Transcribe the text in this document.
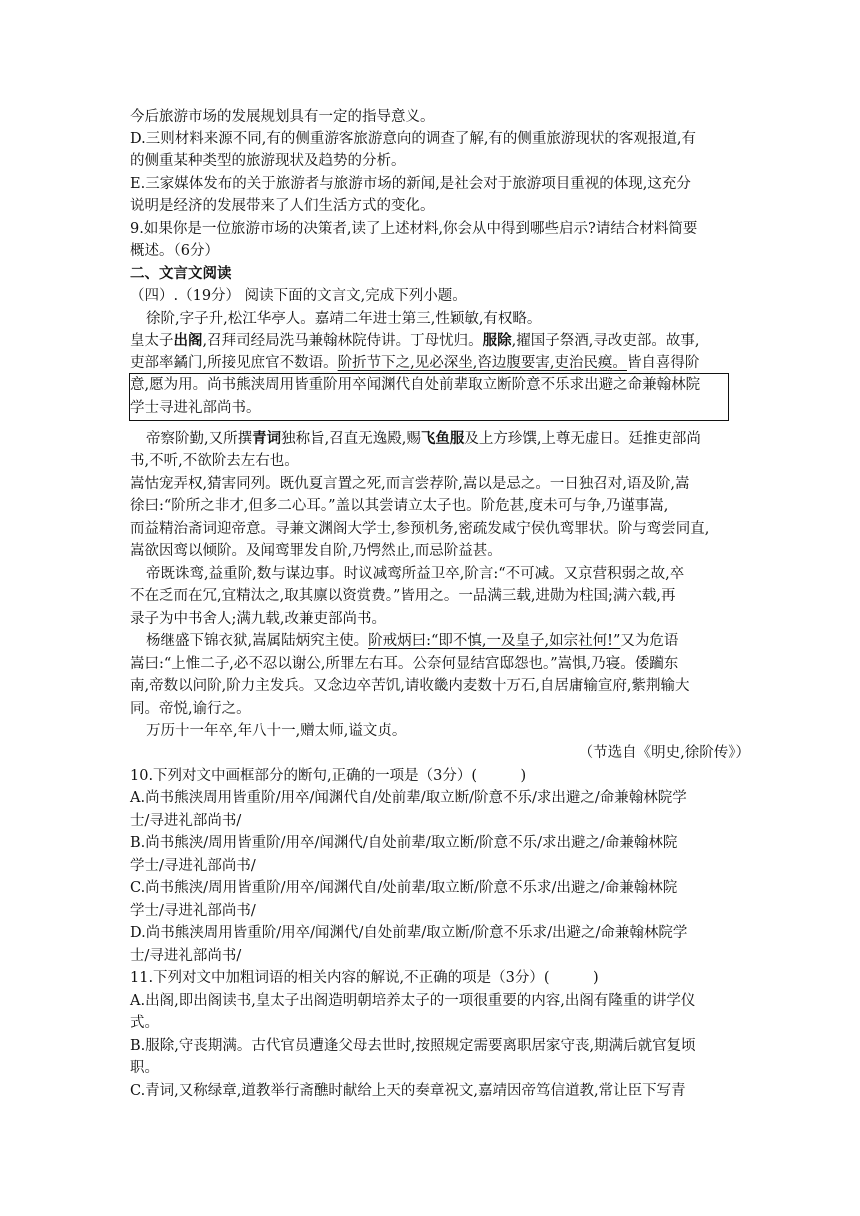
今后旅游市场的发展规划具有一定的指导意义。
D.三则材料来源不同,有的侧重游客旅游意向的调查了解,有的侧重旅游现状的客观报道,有
的侧重某种类型的旅游现状及趋势的分析。
E.三家媒体发布的关于旅游者与旅游市场的新闻,是社会对于旅游项目重视的体现,这充分
说明是经济的发展带来了人们生活方式的变化。
9.如果你是一位旅游市场的决策者,读了上述材料,你会从中得到哪些启示?请结合材料简要
概述。（6分）
二、文言文阅读
（四）.（19分） 阅读下面的文言文,完成下列小题。
徐阶,字子升,松江华亭人。嘉靖二年进士第三,性颖敏,有权略。
皇太子出阁,召拜司经局洗马兼翰林院侍讲。丁母忧归。服除,擢国子祭酒,寻改吏部。故事,
吏部率鐍门,所接见庶官不数语。阶折节下之,见必深坐,咨边腹要害,吏治民瘼。皆自喜得阶
意,愿为用。尚书熊浃周用皆重阶用卒闻渊代自处前辈取立断阶意不乐求出避之命兼翰林院
学士寻进礼部尚书。
帝察阶勤,又所撰青词独称旨,召直无逸殿,赐飞鱼服及上方珍馔,上尊无虚日。廷推吏部尚
书,不听,不欲阶去左右也。
嵩怙宠弄权,猜害同列。既仇夏言置之死,而言尝荐阶,嵩以是忌之。一日独召对,语及阶,嵩
徐曰:“阶所之非才,但多二心耳。”盖以其尝请立太子也。阶危甚,度未可与争,乃谨事嵩,
而益精治斋词迎帝意。寻兼文渊阁大学士,参预机务,密疏发咸宁侯仇鸾罪状。阶与鸾尝同直,
嵩欲因鸾以倾阶。及闻鸾罪发自阶,乃愕然止,而忌阶益甚。
帝既诛鸾,益重阶,数与谋边事。时议减鸾所益卫卒,阶言:“不可减。又京营积弱之故,卒
不在乏而在冗,宜精汰之,取其廪以资赏费。”皆用之。一品满三载,进勋为柱国;满六载,再
录子为中书舍人;满九载,改兼吏部尚书。
杨继盛下锦衣狱,嵩属陆炳究主使。阶戒炳曰:“即不慎,一及皇子,如宗社何!”又为危语
嵩曰:“上惟二子,必不忍以谢公,所罪左右耳。公奈何显结宫邸怨也。”嵩惧,乃寝。倭躏东
南,帝数以问阶,阶力主发兵。又念边卒苦饥,请收畿内麦数十万石,自居庸输宣府,紫荆输大
同。帝悦,谕行之。
万历十一年卒,年八十一,赠太师,谥文贞。
（节选自《明史,徐阶传》）
10.下列对文中画框部分的断句,正确的一项是（3分）(　　　)
A.尚书熊浃周用皆重阶/用卒/闻渊代自/处前辈/取立断/阶意不乐/求出避之/命兼翰林院学
士/寻进礼部尚书/
B.尚书熊浃/周用皆重阶/用卒/闻渊代/自处前辈/取立断/阶意不乐/求出避之/命兼翰林院
学士/寻进礼部尚书/
C.尚书熊浃/周用皆重阶/用卒/闻渊代自/处前辈/取立断/阶意不乐求/出避之/命兼翰林院
学士/寻进礼部尚书/
D.尚书熊浃周用皆重阶/用卒/闻渊代/自处前辈/取立断/阶意不乐求/出避之/命兼翰林院学
士/寻进礼部尚书/
11.下列对文中加粗词语的相关内容的解说,不正确的项是（3分）(　　　)
A.出阁,即出阁读书,皇太子出阁造明朝培养太子的一项很重要的内容,出阁有隆重的讲学仪
式。
B.服除,守丧期满。古代官员遭逢父母去世时,按照规定需要离职居家守丧,期满后就官复顷
职。
C.青词,又称绿章,道教举行斋醮时献给上天的奏章祝文,嘉靖因帝笃信道教,常让臣下写青
